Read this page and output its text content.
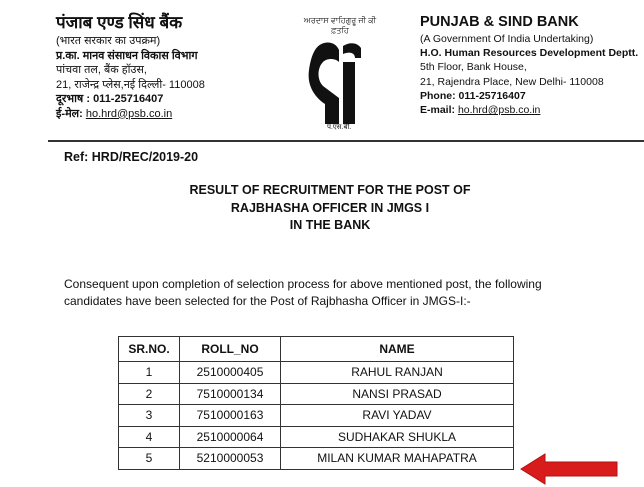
पंजाब एण्ड सिंध बैंक
(भारत सरकार का उपक्रम)
प्र.का. मानव संसाधन विकास विभाग
पांचवा तल, बैंक हॉउस,
21, राजेन्द्र प्लेस,नई दिल्ली- 110008
दूरभाष : 011-25716407
ई-मेल: ho.hrd@psb.co.in
ਅਰਦਾਸ ਵਾਹਿਗੁਰੂ ਜੀ ਕੀ ਫ਼ਤਹਿ
पं.एस.बी.
PUNJAB & SIND BANK
(A Government Of India Undertaking)
H.O. Human Resources Development Deptt.
5th Floor, Bank House,
21, Rajendra Place, New Delhi- 110008
Phone: 011-25716407
E-mail: ho.hrd@psb.co.in
Ref: HRD/REC/2019-20
RESULT OF RECRUITMENT FOR THE POST OF
RAJBHASHA OFFICER IN JMGS I
IN THE BANK
Consequent upon completion of selection process for above mentioned post, the following
candidates have been selected for the Post of Rajbhasha Officer in JMGS-I:-
SR.NO.	ROLL_NO	NAME
1	2510000405	RAHUL RANJAN
2	7510000134	NANSI PRASAD
3	7510000163	RAVI YADAV
4	2510000064	SUDHAKAR SHUKLA
5	5210000053	MILAN KUMAR MAHAPATRA
